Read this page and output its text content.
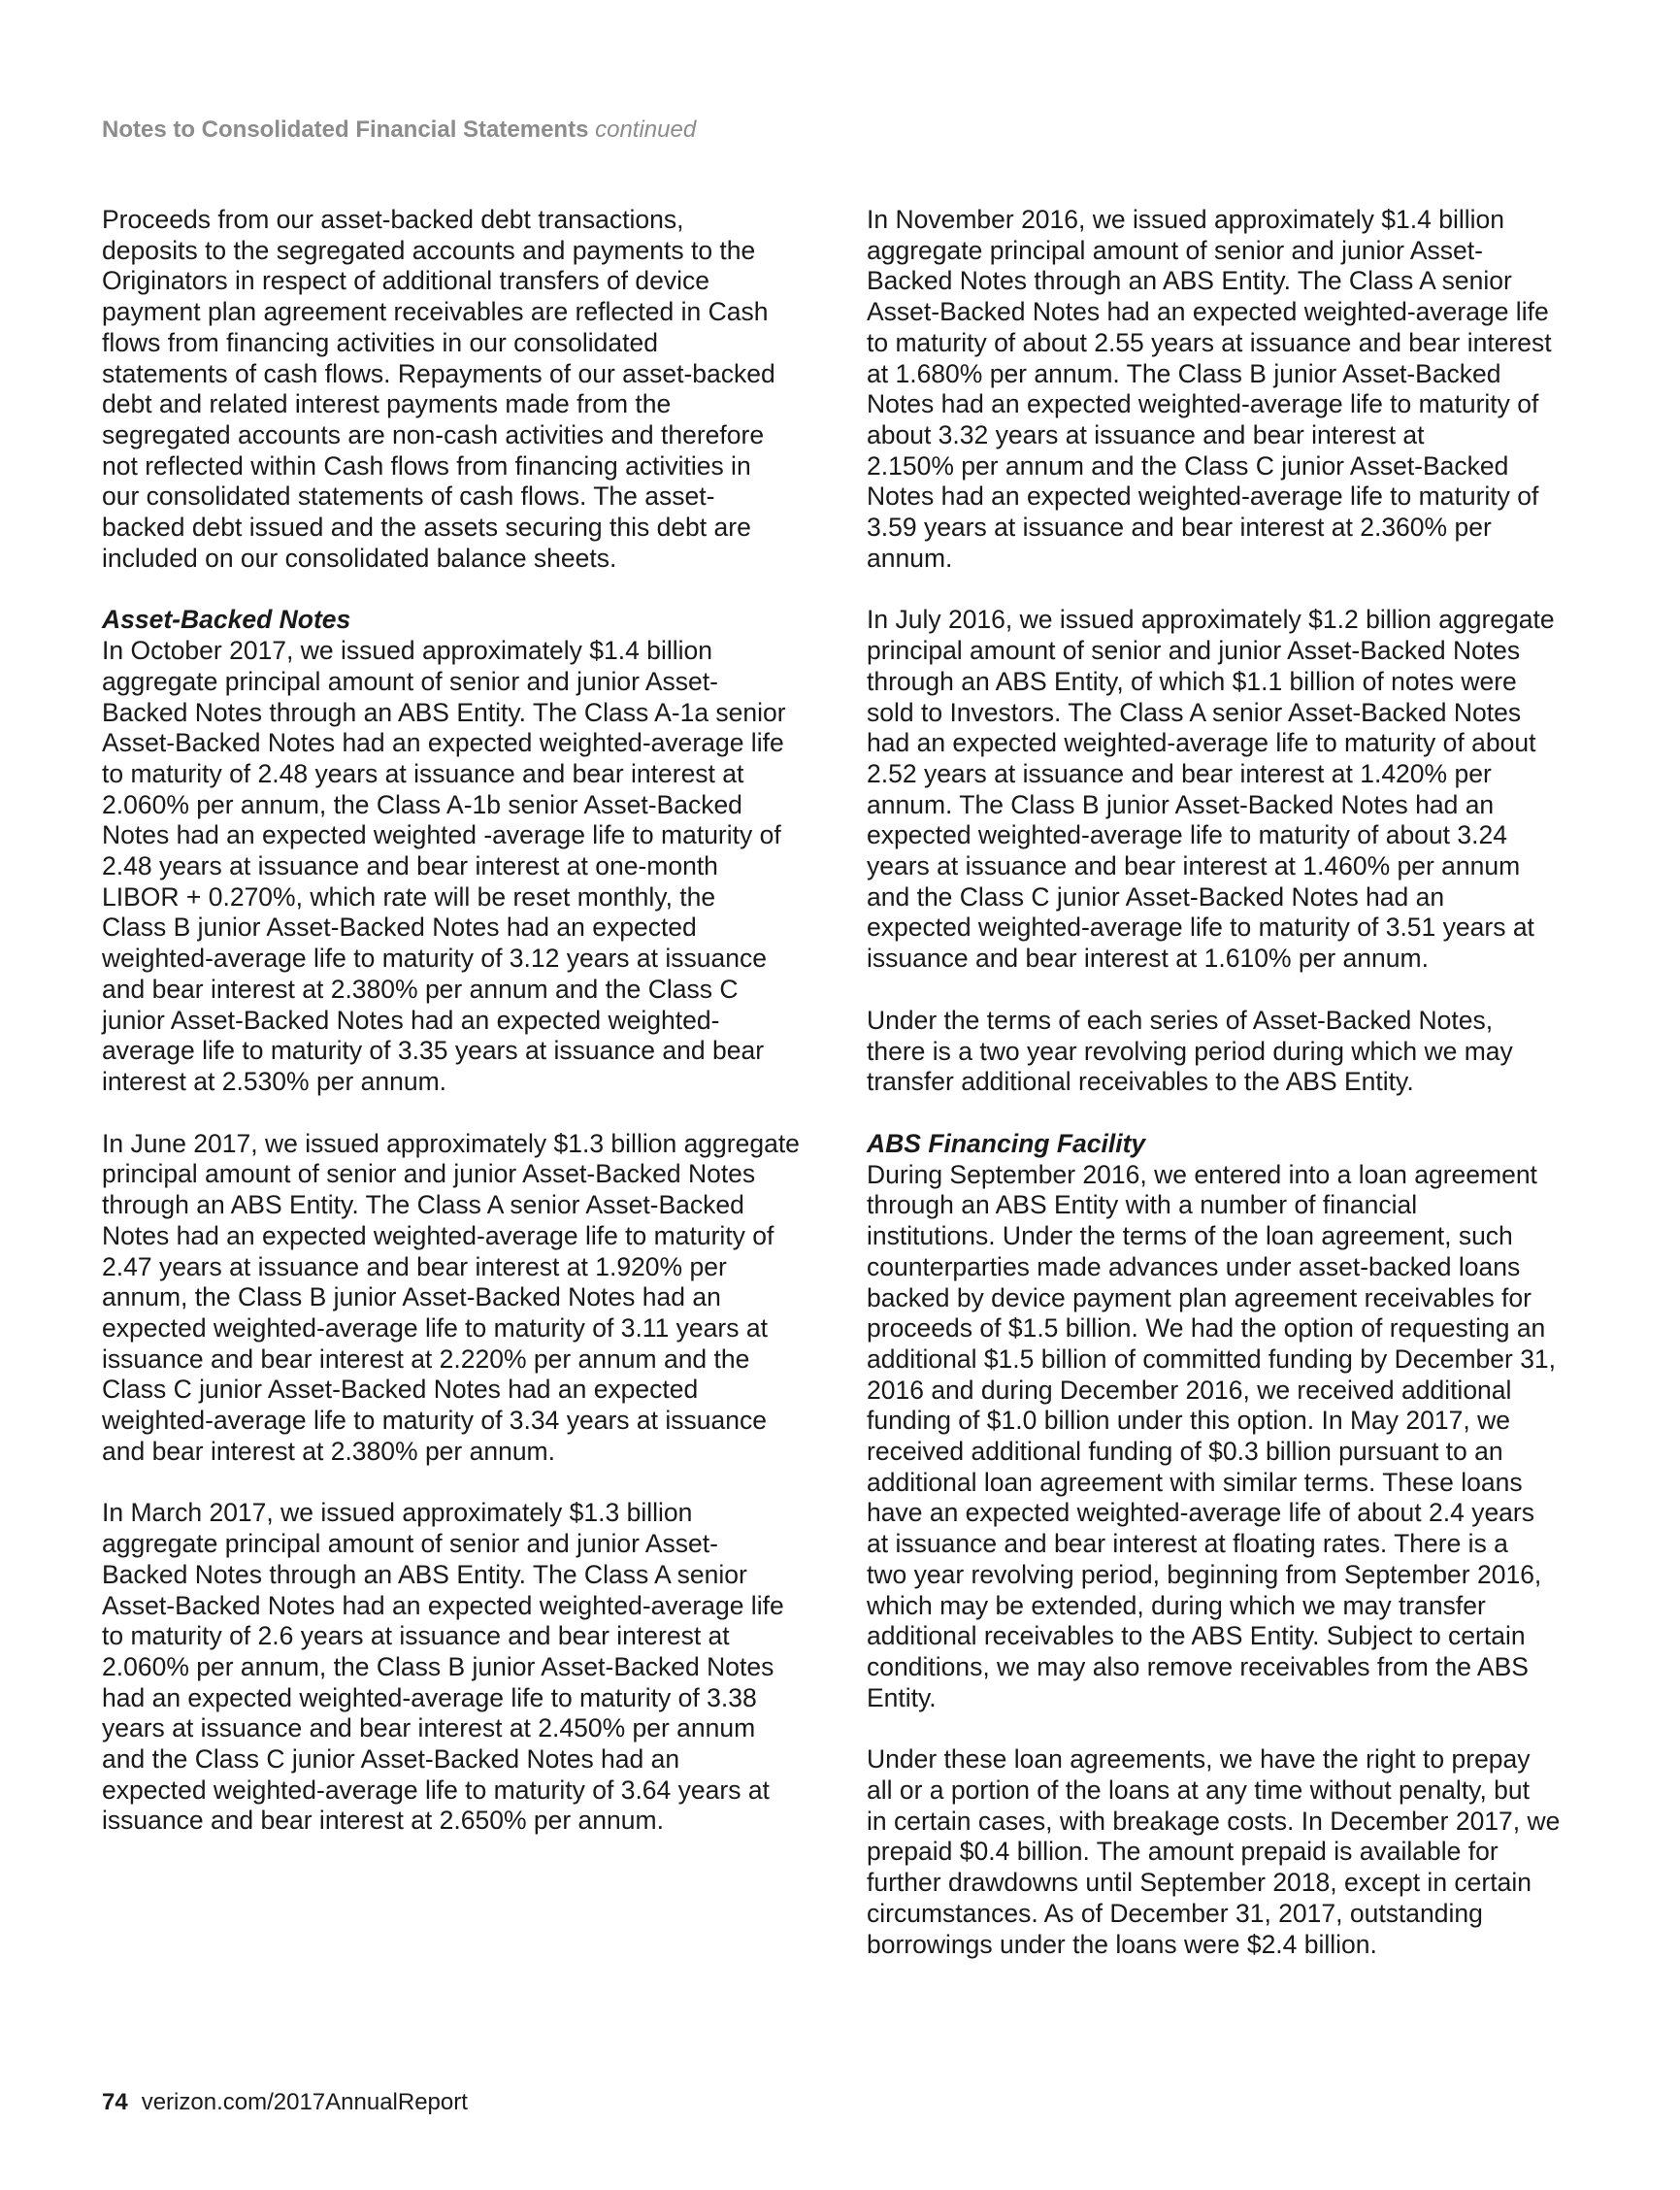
Notes to Consolidated Financial Statements continued

Proceeds from our asset-backed debt transactions,
deposits to the segregated accounts and payments to the
Originators in respect of additional transfers of device
payment plan agreement receivables are reflected in Cash
flows from financing activities in our consolidated
statements of cash flows. Repayments of our asset-backed
debt and related interest payments made from the
segregated accounts are non-cash activities and therefore
not reflected within Cash flows from financing activities in
our consolidated statements of cash flows. The asset-
backed debt issued and the assets securing this debt are
included on our consolidated balance sheets.

Asset-Backed Notes

In October 2017, we issued approximately $1.4 billion
aggregate principal amount of senior and junior Asset-
Backed Notes through an ABS Entity. The Class A-1a senior
Asset-Backed Notes had an expected weighted-average life
to maturity of 2.48 years at issuance and bear interest at
2.060% per annum, the Class A-1b senior Asset-Backed
Notes had an expected weighted -average life to maturity of
2.48 years at issuance and bear interest at one-month
LIBOR + 0.270%, which rate will be reset monthly, the
Class B junior Asset-Backed Notes had an expected
weighted-average life to maturity of 3.12 years at issuance
and bear interest at 2.380% per annum and the Class C
junior Asset-Backed Notes had an expected weighted-
average life to maturity of 3.35 years at issuance and bear
interest at 2.530% per annum.

In June 2017, we issued approximately $1.3 billion aggregate
principal amount of senior and junior Asset-Backed Notes
through an ABS Entity. The Class A senior Asset-Backed
Notes had an expected weighted-average life to maturity of
2.47 years at issuance and bear interest at 1.920% per
annum, the Class B junior Asset-Backed Notes had an
expected weighted-average life to maturity of 3.11 years at
issuance and bear interest at 2.220% per annum and the
Class C junior Asset-Backed Notes had an expected
weighted-average life to maturity of 3.34 years at issuance
and bear interest at 2.380% per annum.

In March 2017, we issued approximately $1.3 billion
aggregate principal amount of senior and junior Asset-
Backed Notes through an ABS Entity. The Class A senior
Asset-Backed Notes had an expected weighted-average life
to maturity of 2.6 years at issuance and bear interest at
2.060% per annum, the Class B junior Asset-Backed Notes
had an expected weighted-average life to maturity of 3.38
years at issuance and bear interest at 2.450% per annum
and the Class C junior Asset-Backed Notes had an
expected weighted-average life to maturity of 3.64 years at
issuance and bear interest at 2.650% per annum.

In November 2016, we issued approximately $1.4 billion
aggregate principal amount of senior and junior Asset-
Backed Notes through an ABS Entity. The Class A senior
Asset-Backed Notes had an expected weighted-average life
to maturity of about 2.55 years at issuance and bear interest
at 1.680% per annum. The Class B junior Asset-Backed
Notes had an expected weighted-average life to maturity of
about 3.32 years at issuance and bear interest at
2.150% per annum and the Class C junior Asset-Backed
Notes had an expected weighted-average life to maturity of
3.59 years at issuance and bear interest at 2.360% per
annum.

In July 2016, we issued approximately $1.2 billion aggregate
principal amount of senior and junior Asset-Backed Notes
through an ABS Entity, of which $1.1 billion of notes were
sold to Investors. The Class A senior Asset-Backed Notes
had an expected weighted-average life to maturity of about
2.52 years at issuance and bear interest at 1.420% per
annum. The Class B junior Asset-Backed Notes had an
expected weighted-average life to maturity of about 3.24
years at issuance and bear interest at 1.460% per annum
and the Class C junior Asset-Backed Notes had an
expected weighted-average life to maturity of 3.51 years at
issuance and bear interest at 1.610% per annum.

Under the terms of each series of Asset-Backed Notes,
there is a two year revolving period during which we may
transfer additional receivables to the ABS Entity.

ABS Financing Facility

During September 2016, we entered into a loan agreement
through an ABS Entity with a number of financial
institutions. Under the terms of the loan agreement, such
counterparties made advances under asset-backed loans
backed by device payment plan agreement receivables for
proceeds of $1.5 billion. We had the option of requesting an
additional $1.5 billion of committed funding by December 31,
2016 and during December 2016, we received additional
funding of $1.0 billion under this option. In May 2017, we
received additional funding of $0.3 billion pursuant to an
additional loan agreement with similar terms. These loans
have an expected weighted-average life of about 2.4 years
at issuance and bear interest at floating rates. There is a
two year revolving period, beginning from September 2016,
which may be extended, during which we may transfer
additional receivables to the ABS Entity. Subject to certain
conditions, we may also remove receivables from the ABS
Entity.

Under these loan agreements, we have the right to prepay
all or a portion of the loans at any time without penalty, but
in certain cases, with breakage costs. In December 2017, we
prepaid $0.4 billion. The amount prepaid is available for
further drawdowns until September 2018, except in certain
circumstances. As of December 31, 2017, outstanding
borrowings under the loans were $2.4 billion.

74 verizon.com/2017AnnualReport
